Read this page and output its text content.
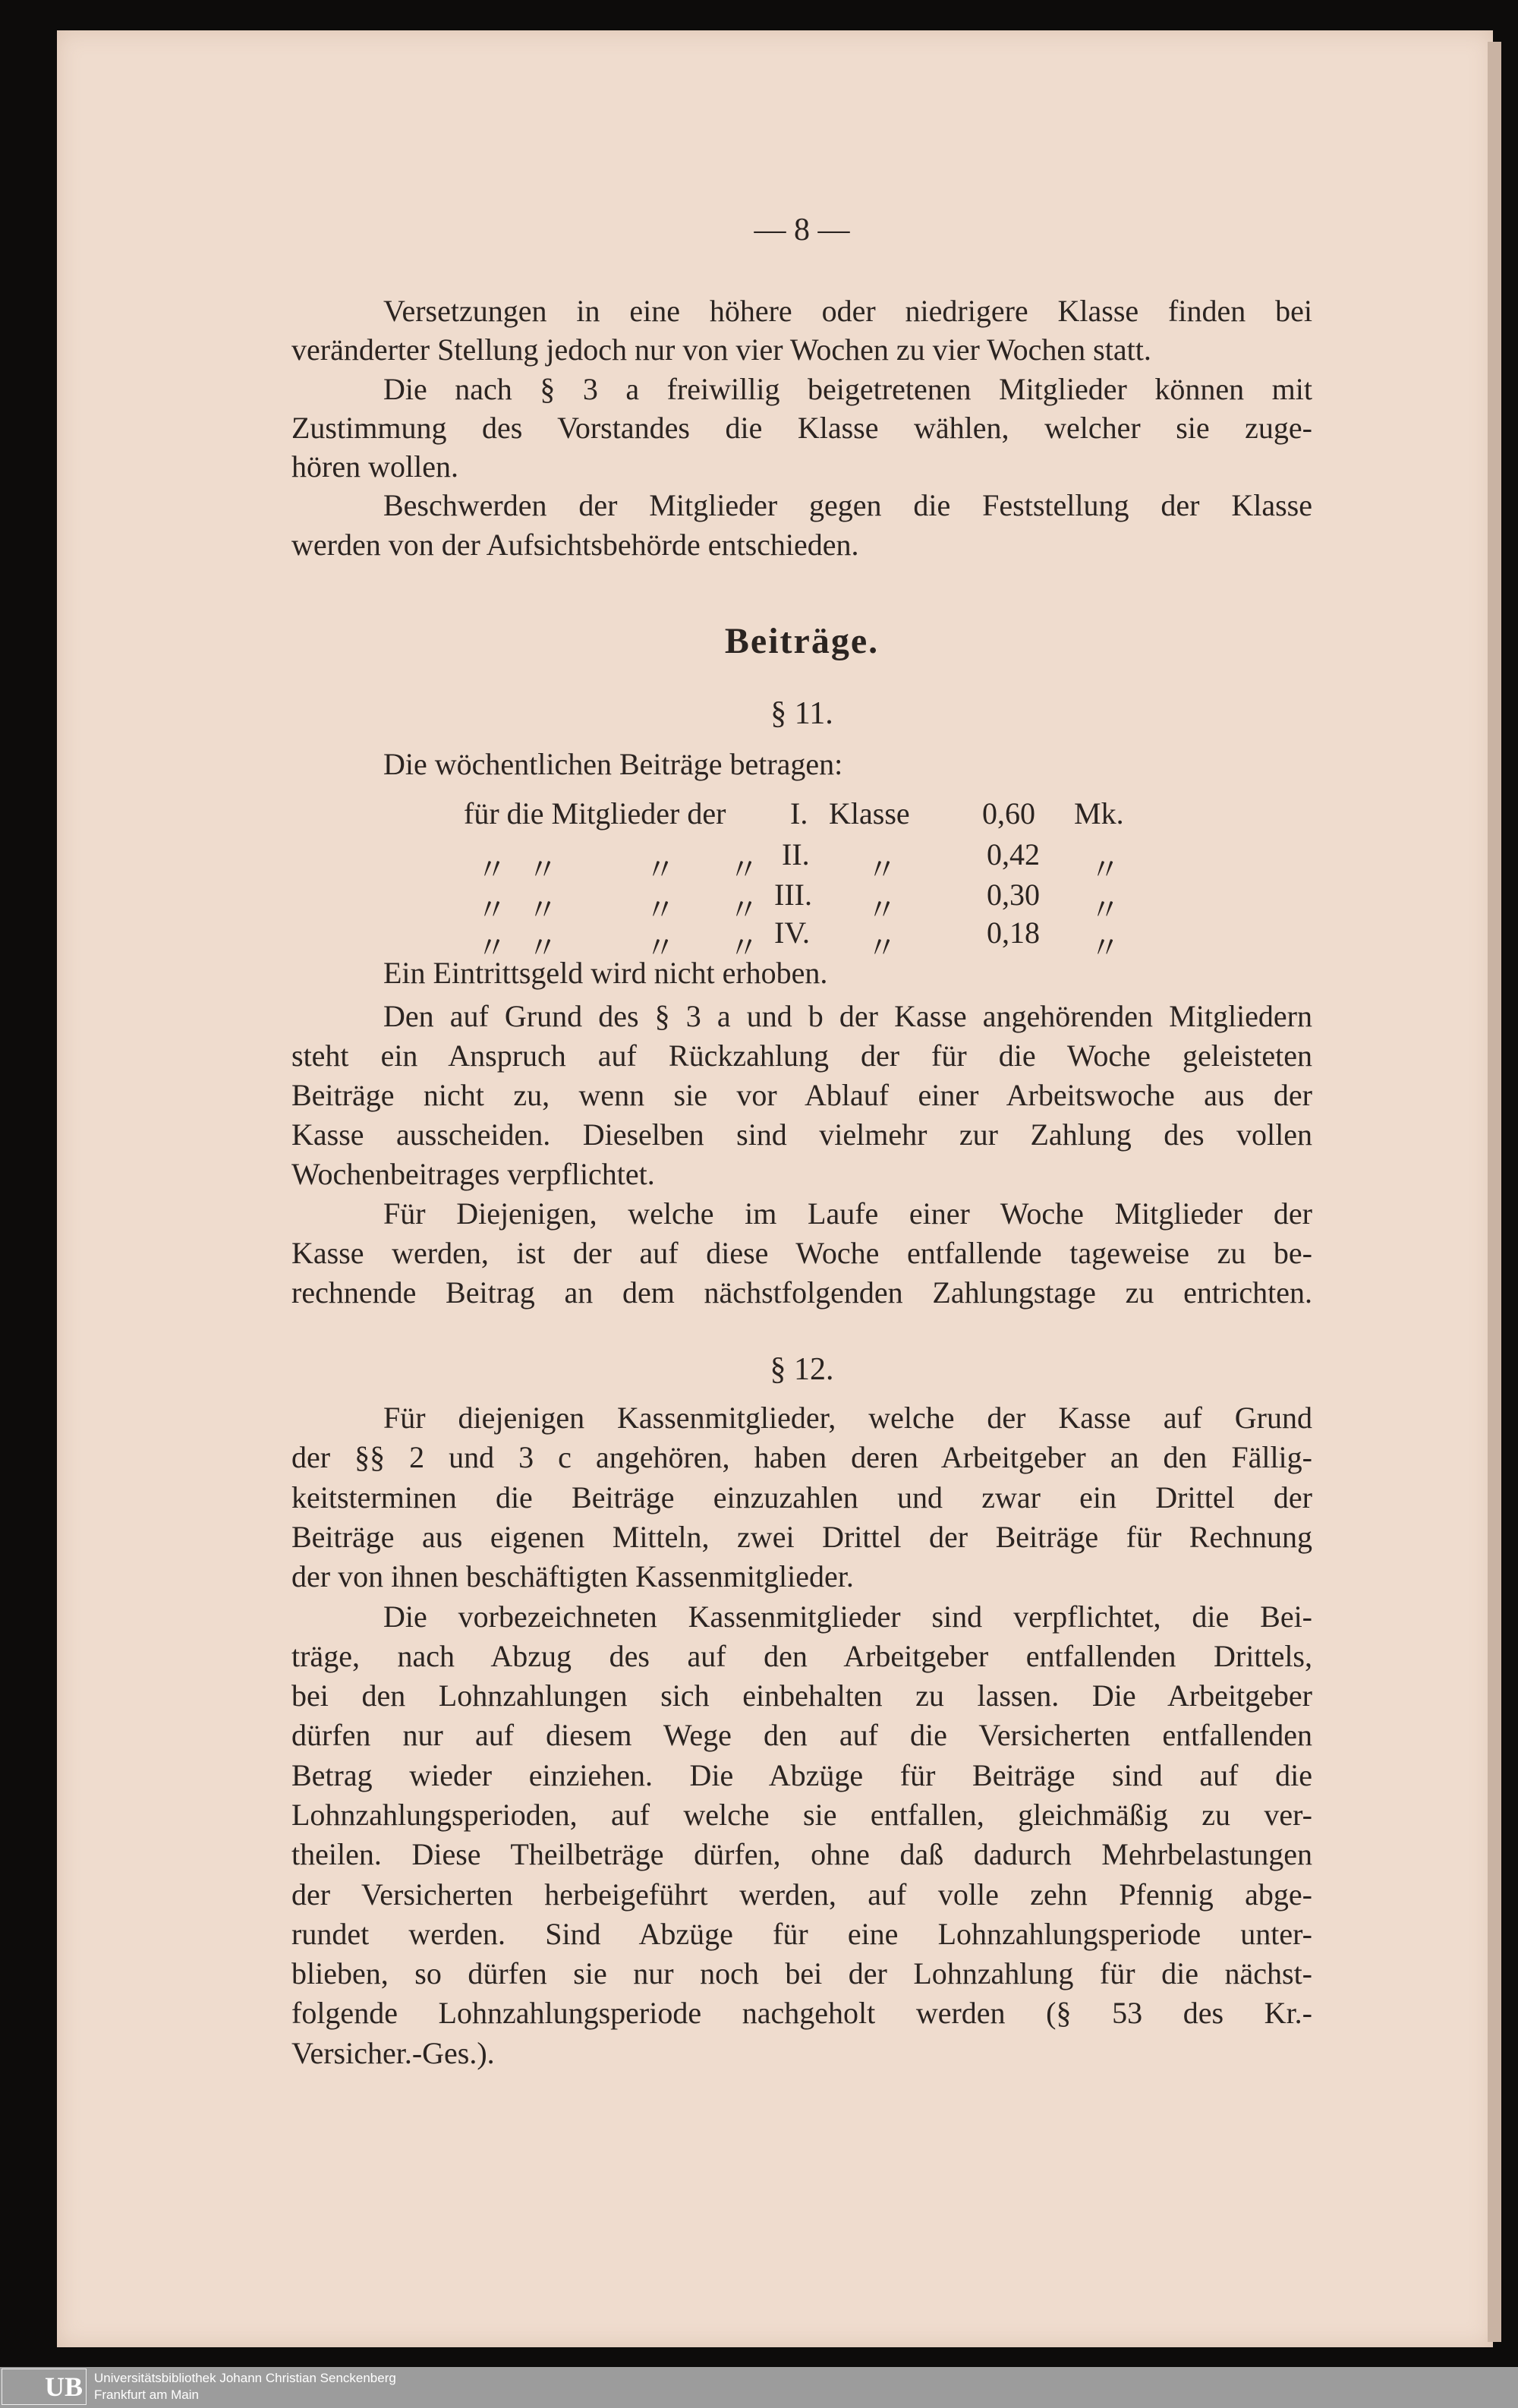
— 8 —
Versetzungen in eine höhere oder niedrigere Klasse finden bei
veränderter Stellung jedoch nur von vier Wochen zu vier Wochen statt.
Die nach § 3 a freiwillig beigetretenen Mitglieder können mit
Zustimmung des Vorstandes die Klasse wählen, welcher sie zuge-
hören wollen.
Beschwerden der Mitglieder gegen die Feststellung der Klasse
werden von der Aufsichtsbehörde entschieden.
Beiträge.
§ 11.
Die wöchentlichen Beiträge betragen:
für die Mitglieder der I. Klasse 0,60 Mk.
〃 〃	〃 〃 II. 〃	0,42 〃
〃 〃	〃 〃 III. 〃	0,30 〃
〃 〃	〃 〃 IV. 〃	0,18 〃
Ein Eintrittsgeld wird nicht erhoben.
Den auf Grund des § 3 a und b der Kasse angehörenden Mitgliedern
steht ein Anspruch auf Rückzahlung der für die Woche geleisteten
Beiträge nicht zu, wenn sie vor Ablauf einer Arbeitswoche aus der
Kasse ausscheiden. Dieselben sind vielmehr zur Zahlung des vollen
Wochenbeitrages verpflichtet.
Für Diejenigen, welche im Laufe einer Woche Mitglieder der
Kasse werden, ist der auf diese Woche entfallende tageweise zu be-
rechnende Beitrag an dem nächstfolgenden Zahlungstage zu entrichten.
§ 12.
Für diejenigen Kassenmitglieder, welche der Kasse auf Grund
der §§ 2 und 3 c angehören, haben deren Arbeitgeber an den Fällig-
keitsterminen die Beiträge einzuzahlen und zwar ein Drittel der
Beiträge aus eigenen Mitteln, zwei Drittel der Beiträge für Rechnung
der von ihnen beschäftigten Kassenmitglieder.
Die vorbezeichneten Kassenmitglieder sind verpflichtet, die Bei-
träge, nach Abzug des auf den Arbeitgeber entfallenden Drittels,
bei den Lohnzahlungen sich einbehalten zu lassen. Die Arbeitgeber
dürfen nur auf diesem Wege den auf die Versicherten entfallenden
Betrag wieder einziehen. Die Abzüge für Beiträge sind auf die
Lohnzahlungsperioden, auf welche sie entfallen, gleichmäßig zu ver-
theilen. Diese Theilbeträge dürfen, ohne daß dadurch Mehrbelastungen
der Versicherten herbeigeführt werden, auf volle zehn Pfennig abge-
rundet werden. Sind Abzüge für eine Lohnzahlungsperiode unter-
blieben, so dürfen sie nur noch bei der Lohnzahlung für die nächst-
folgende Lohnzahlungsperiode nachgeholt werden (§ 53 des Kr.-
Versicher.-Ges.).
UB Universitätsbibliothek Johann Christian Senckenberg
Frankfurt am Main
